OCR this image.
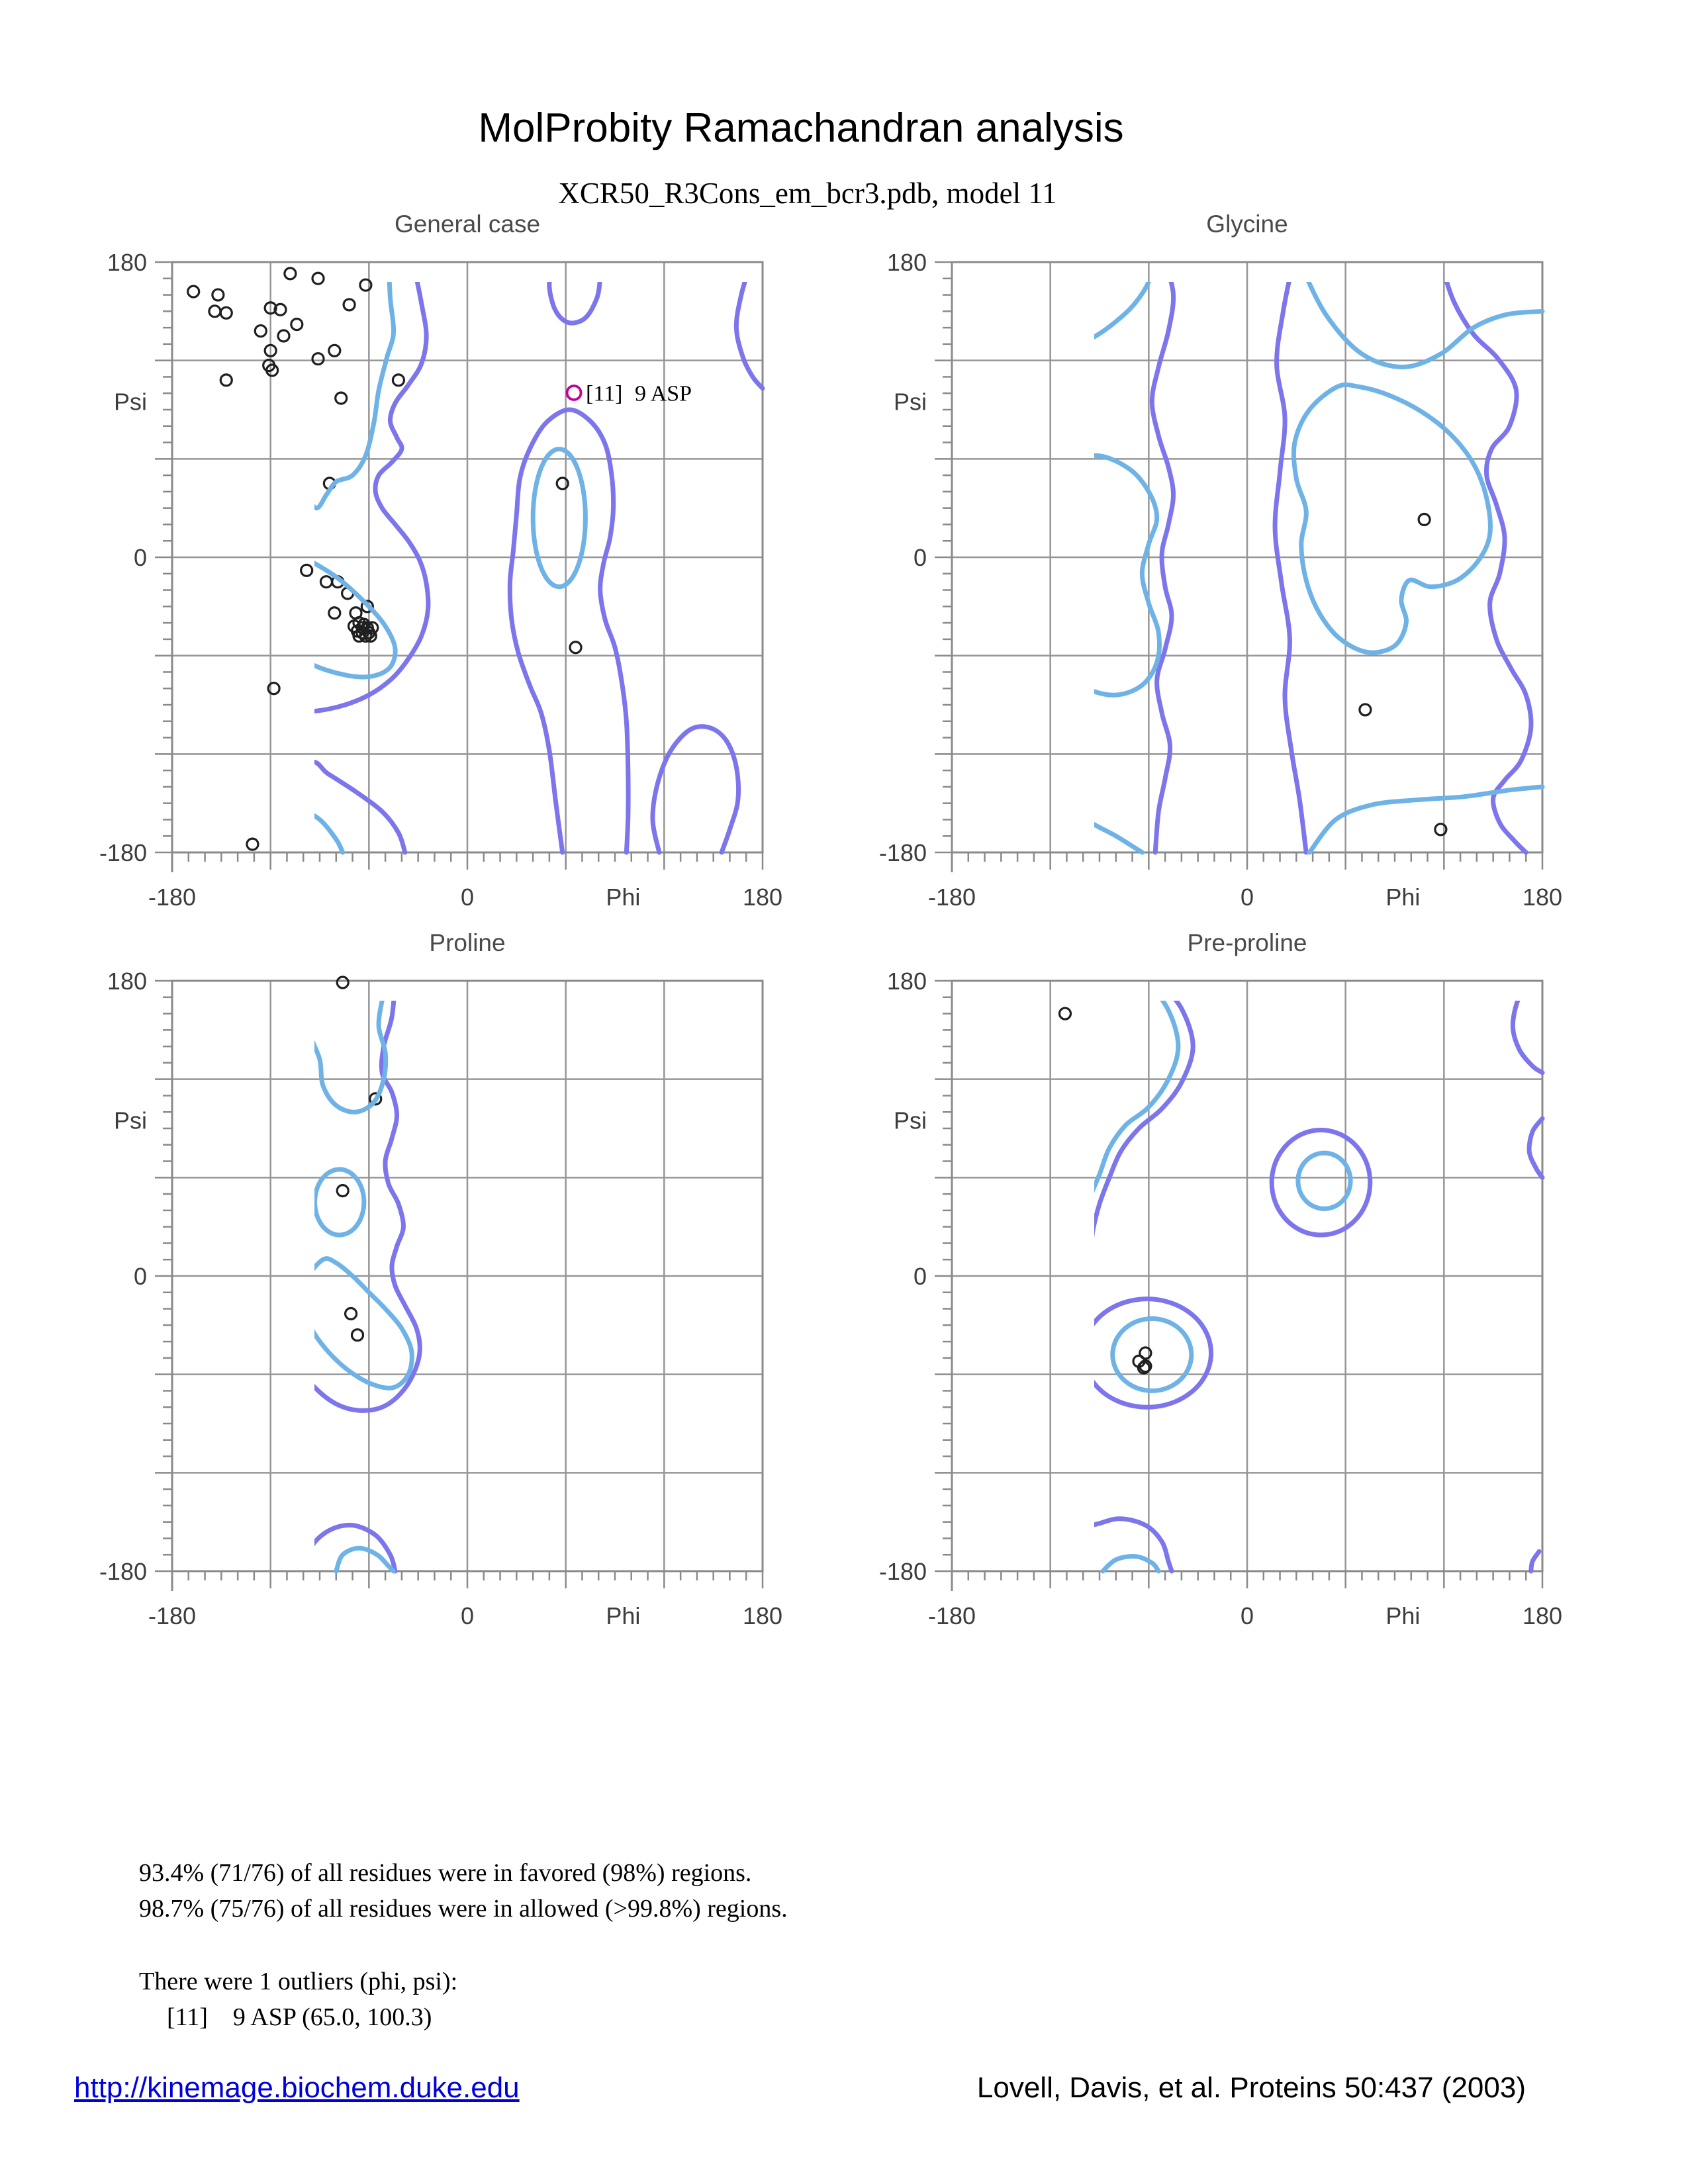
MolProbity Ramachandran analysis
XCR50_R3Cons_em_bcr3.pdb, model 11
General case	Glycine
Proline	Pre-proline
180
0
-180
Psi
-180	0	180
Phi
[11] 9 ASP
180
0
-180
Psi
-180	0	180
Phi
180
0
-180
Psi
-180	0	180
Phi
180
0
-180
Psi
-180	0	180
Phi
93.4% (71/76) of all residues were in favored (98%) regions.
98.7% (75/76) of all residues were in allowed (>99.8%) regions.
There were 1 outliers (phi, psi):
[11]    9 ASP (65.0, 100.3)
http://kinemage.biochem.duke.edu	Lovell, Davis, et al. Proteins 50:437 (2003)
